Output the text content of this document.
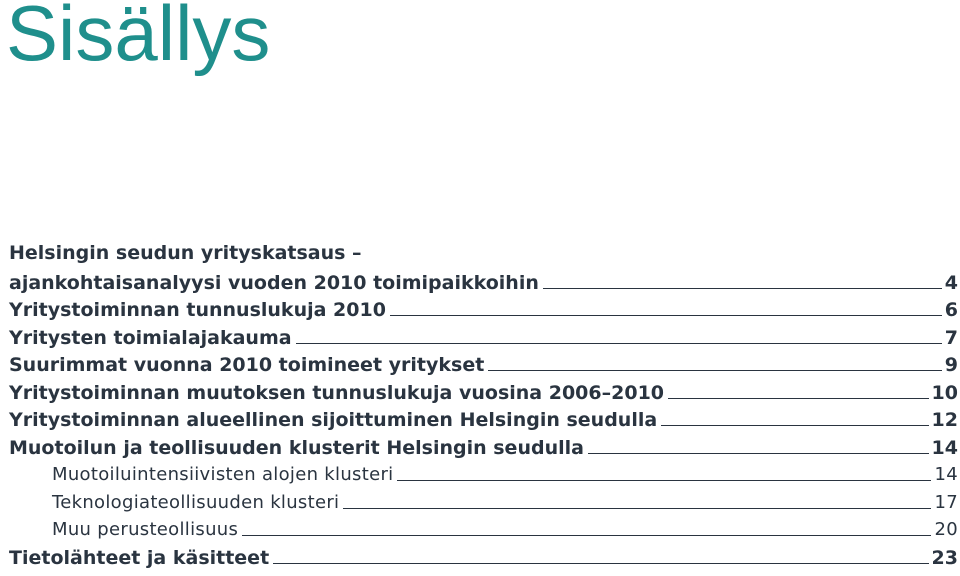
Sisällys
Helsingin seudun yrityskatsaus –
ajankohtaisanalyysi vuoden 2010 toimipaikkoihin	4
Yritystoiminnan tunnuslukuja 2010	6
Yritysten toimialajakauma	7
Suurimmat vuonna 2010 toimineet yritykset	9
Yritystoiminnan muutoksen tunnuslukuja vuosina 2006–2010	10
Yritystoiminnan alueellinen sijoittuminen Helsingin seudulla	12
Muotoilun ja teollisuuden klusterit Helsingin seudulla	14
Muotoiluintensiivisten alojen klusteri	14
Teknologiateollisuuden klusteri	17
Muu perusteollisuus	20
Tietolähteet ja käsitteet	23
